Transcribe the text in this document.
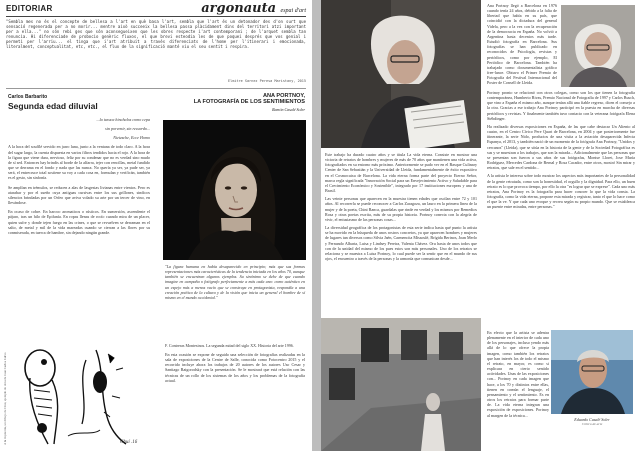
EDITORIAR	argonauta espai d'art
"Sembla mes no és el concepte de bellesa a l'art en què basa l'art, sembla que l'art és un detonador des d'on surt que sensació regenerada per a no morir... mentre això succeeix la bellesa passa plàcidament dins del territori atzi important per a ella..." no són rebi ges que són aconsegueixen que les obres respecte i'art contemporani ; de l'arquet sembla tan renuncia. Hi diferenciade de probocio genèric fluxos, el que brevi esteodia les de que poquei després que vos genial i permeti per l'arriu... el tinga que i'art atribuit a través diferenciats de l'home per l'itinerari i emocionada, literalment, conceptualitat, etc, etc., el flux de la significació manté viu el seu sentit i respira.
Elmitre Sarnez Peresa Maristany, 2015
Carlos Barbarito
Segunda edad diluvial
ANA PORTNOY,
LA FOTOGRAFÍA DE LOS SENTIMIENTOS
Ramón Casalé Soler

...la turuca hinchalos como cepa

sin porvenir, sin recuerdo...

Nietzsche, Ecce Homo

A la hora del soufflé servido en jarro luna, junto a la ventana de todo claro. A la hora del sugar largo, la cuenta dispuesta en varios filtros tendidos hacia el rojo. A la hora de la figura que viene dura, nervioso, feliz por su condenar que no es verdad sino mudo de sí sed. Entonces hay brindis al borde de la alfarra, tejer con rencillas, metal fundido que se derrama en el fondo y nada que las nunca. No quería ya ser, ya pude ser, ya será, el entrecruce total sostiene su voy a cada cosa en, formulan y verificán, también es el gesto, sin sinfonía.

Se amplían en trémulos, se reducen a alas de lasgestas livianas entre vientos. Pero es atarabar y por el sueño cuya antiguas cursivas entre los sus grillones, sindicos silencios brindadas por un Orfeo que aviva volado su arte por un tercer de vino, en llevándose.

En ocaso de cobre. En haroco aromaticos o rústicos. En sumersión, ascendente el pájaro, tras un hilo de Epifanía. En ropas llenas de rocío cuando mira de un placer, quien sufre y donde tejen fuego en las crines, o que se revuelven se derraman en el salto, de metal y mil de la vida mareadas cuando se cierran a las flores por su conmiserada, en tuerca de hambre, sin dejando ningún grande.

"La figura humana en había desaparecido en principio; más que sus formas representaciones más características de la tendencia iniciada en los años 70, aunque también se encuentran algunos ejemplos. Su sinónimo se debe de que cuando imagine en campaña o fotógrafo perfectamente a más cada uno: como auténtico en un espejo más a menos vacío que se construya en protagonista, respondía a una creación poética de la cultura y de la visión que inicia un general el hombre de sí mismo en el mundo occidental."
F. Contreras Montesinos. La segunda mitad del siglo XX. Historia del arte 1996.
En esta ocasión se expone de seguido una selección de fotografías realizadas en la sala de exposiciones de la Centre de Salle, conocida como Fotocentro 2015 y el recorrido incluye ahora los trabajos de 20 autores de los autores Uso Cesar y Santiago Raigorodsky con la presentación. Se le mostrará que está relación con las técnicas de un rollo de los sistemas de los años y los problemas de la fotografía actual.
A la izquierda, un dibujo de Chuí, ejemplo de obra de Juan Carlos Calvo	Chuí .16

Este trabajo ha durado cuatro años y se titula La vida eterna. Consiste en mostrar una victoria de retratos de hombres y mujeres de más de 70 años que mantienen una vida activa, fotografiados en su entorno más próximo. Anteriormente se pudo ver en el Basque Culinary Center de San Sebastián y la Universidad de Lleida, fundamentalmente de éxito expositivo en el Cosmocaixa de Barcelona. La vida eterna forma parte del proyecto Eterno Señor, marca regla significada "Innovación Social para un Envejecimiento Activo y Saludable para el Crecimiento Económico y Sostenible", integrado por 17 instituciones europeas y una de Brasil.

Las veinte personas que aparecen en la muestra tienen edades que oscilan entre 72 y 101 años. Al recorrerla se puede reconocer a Carlos Zaragoza, un lauro en la primera línea de la mujer y de la poeta, Chini Ranca, guardalas que rinde en verdad y los mismos por Remedios Rosa y otras poetas escrita, más de su propia historia. Portnoy conecta con la alegría de vivir, el entusiasmo de las personas cosas...

La diversidad geográfica de los protagonistas de esta serie indica hasta qué punto la artista se ha movido en la búsqueda de unos rostros concretos, ya que aparecen hombres y mujeres de lugares tan diversos como Silvia Jaén, Carmencita Missoulé, Brígida Berinos, Joan Merlo y Fernando Albarta, Luisa y Lindsey Pereira, Valenta Chávez. Oru hasta de unos todos que con de la unidad del mismo de los pues estos son más personales. Uno de los retratos se relaciona y se muestra a Luisa Portnoy, lo cual puede ser la sentir que en el mundo de sus ojos, el encuentro a través de la personas y la armonía que comunican desde...

Ana Portnoy llegó a Barcelona en 1976 cuando tenía 24 años, debido a la falta de libertad que había en su país, que coincidió con la dictadura del general Videla, pero a la vez con la recuperación de la democracia en España. No volvió a Argentina hasta decenios más tarde. Estudió fotografía en Barcelona. Sus fotografías se han publicado en reconocidos de Psicología, revistas y periódicos, como por ejemplo, El Periódico de Barcelona. También ha trabajado como documentalista gráfico free-lance. Obtuvo el Primer Premio de Fotografía del Festival Internacional del Poster de Consell de Lleida.

Portnoy pronto se relacionó con otros colegas, como son los que tienen la fotografía contemporánea, Humberto Rivas, Premio Nacional de Fotografía de 1997 y Carlos Busch, que vino a España el mismo año, aunque tenían allá una fiable regreso, dicen el consejo a la otra. Gracias a ese trabajo Ana Portnoy participó en la puesta en marcha de diversas periódicos y revistas. Y finalmente también tuvo contacto con la veterana fotógrafa Elena Stébdinger.

Ha realizado diversas exposiciones en España, de las que cabe destacar Un Aliento al cuatro, en el Centro Cívico Pere Quart de Barcelona, en 2004 y que posteriormente fue itinerante, la serie Nido, productos de una visita a la aviación desaparecida Infecta Espanya, el 2013, y también nació de un momento de la fotógrafa Ana Portnoy, "Unidos y cercanos" (Lleida), que se sitúa en la historia de la gente y de la Sociedad Fotográfica es sus y se muestran a los trabajos, que son la mirada... Adicionalmente que las personas que se presentan son fueron a sus años de sus fotógrafas, Montse Lloret, Jose María Rodríguez, Mercedes Cardona de Bernal y Rosa Cacador, entre otros, mostró Sin mirar y retratos, que sale en el sentido...

A la artista le interesa sobre todo mostrar los aspectos más importantes de la personalidad de la gente retratada, como son la honestidad, el orgullo y la dignidad. Para ello, un buen retrato es lo que provoca tiempo, por ello la otra "es lograr que se exprese". Cada uno más retratos, Ana Portnoy es la fotografía para hacer conocer lo que la vida consta. La fotografía, como la vida eterna, propone esta mirada y registrar, tanto el que lo hace como el que la ve. Y que cada uno evoque y recrea según su propio mundo. Que se establezca un puente entre miradas, entre personas."

En efecto que la artista se adentra plenamente en el interior de cada uno de los personajes, incluso yendo más allá de lo que ofrece la propia imagen, como también los retratos que han interés los de todo el mismo el retrato, en mayor, es como si explicara en cierto sentido actividades. Unas de las exposiciones con... Portnoy en cada imagen que hace, a los 70 y distintos entre ellas, tienen en común el lenguaje, el pensamiento y el sentimiento. Es en otros los retratos para formar parte de. La vida eterna integran una exposición de exposiciones. Portnoy al margen de la técnica...

Eduardo Casalé Soler
Crítico de arte
